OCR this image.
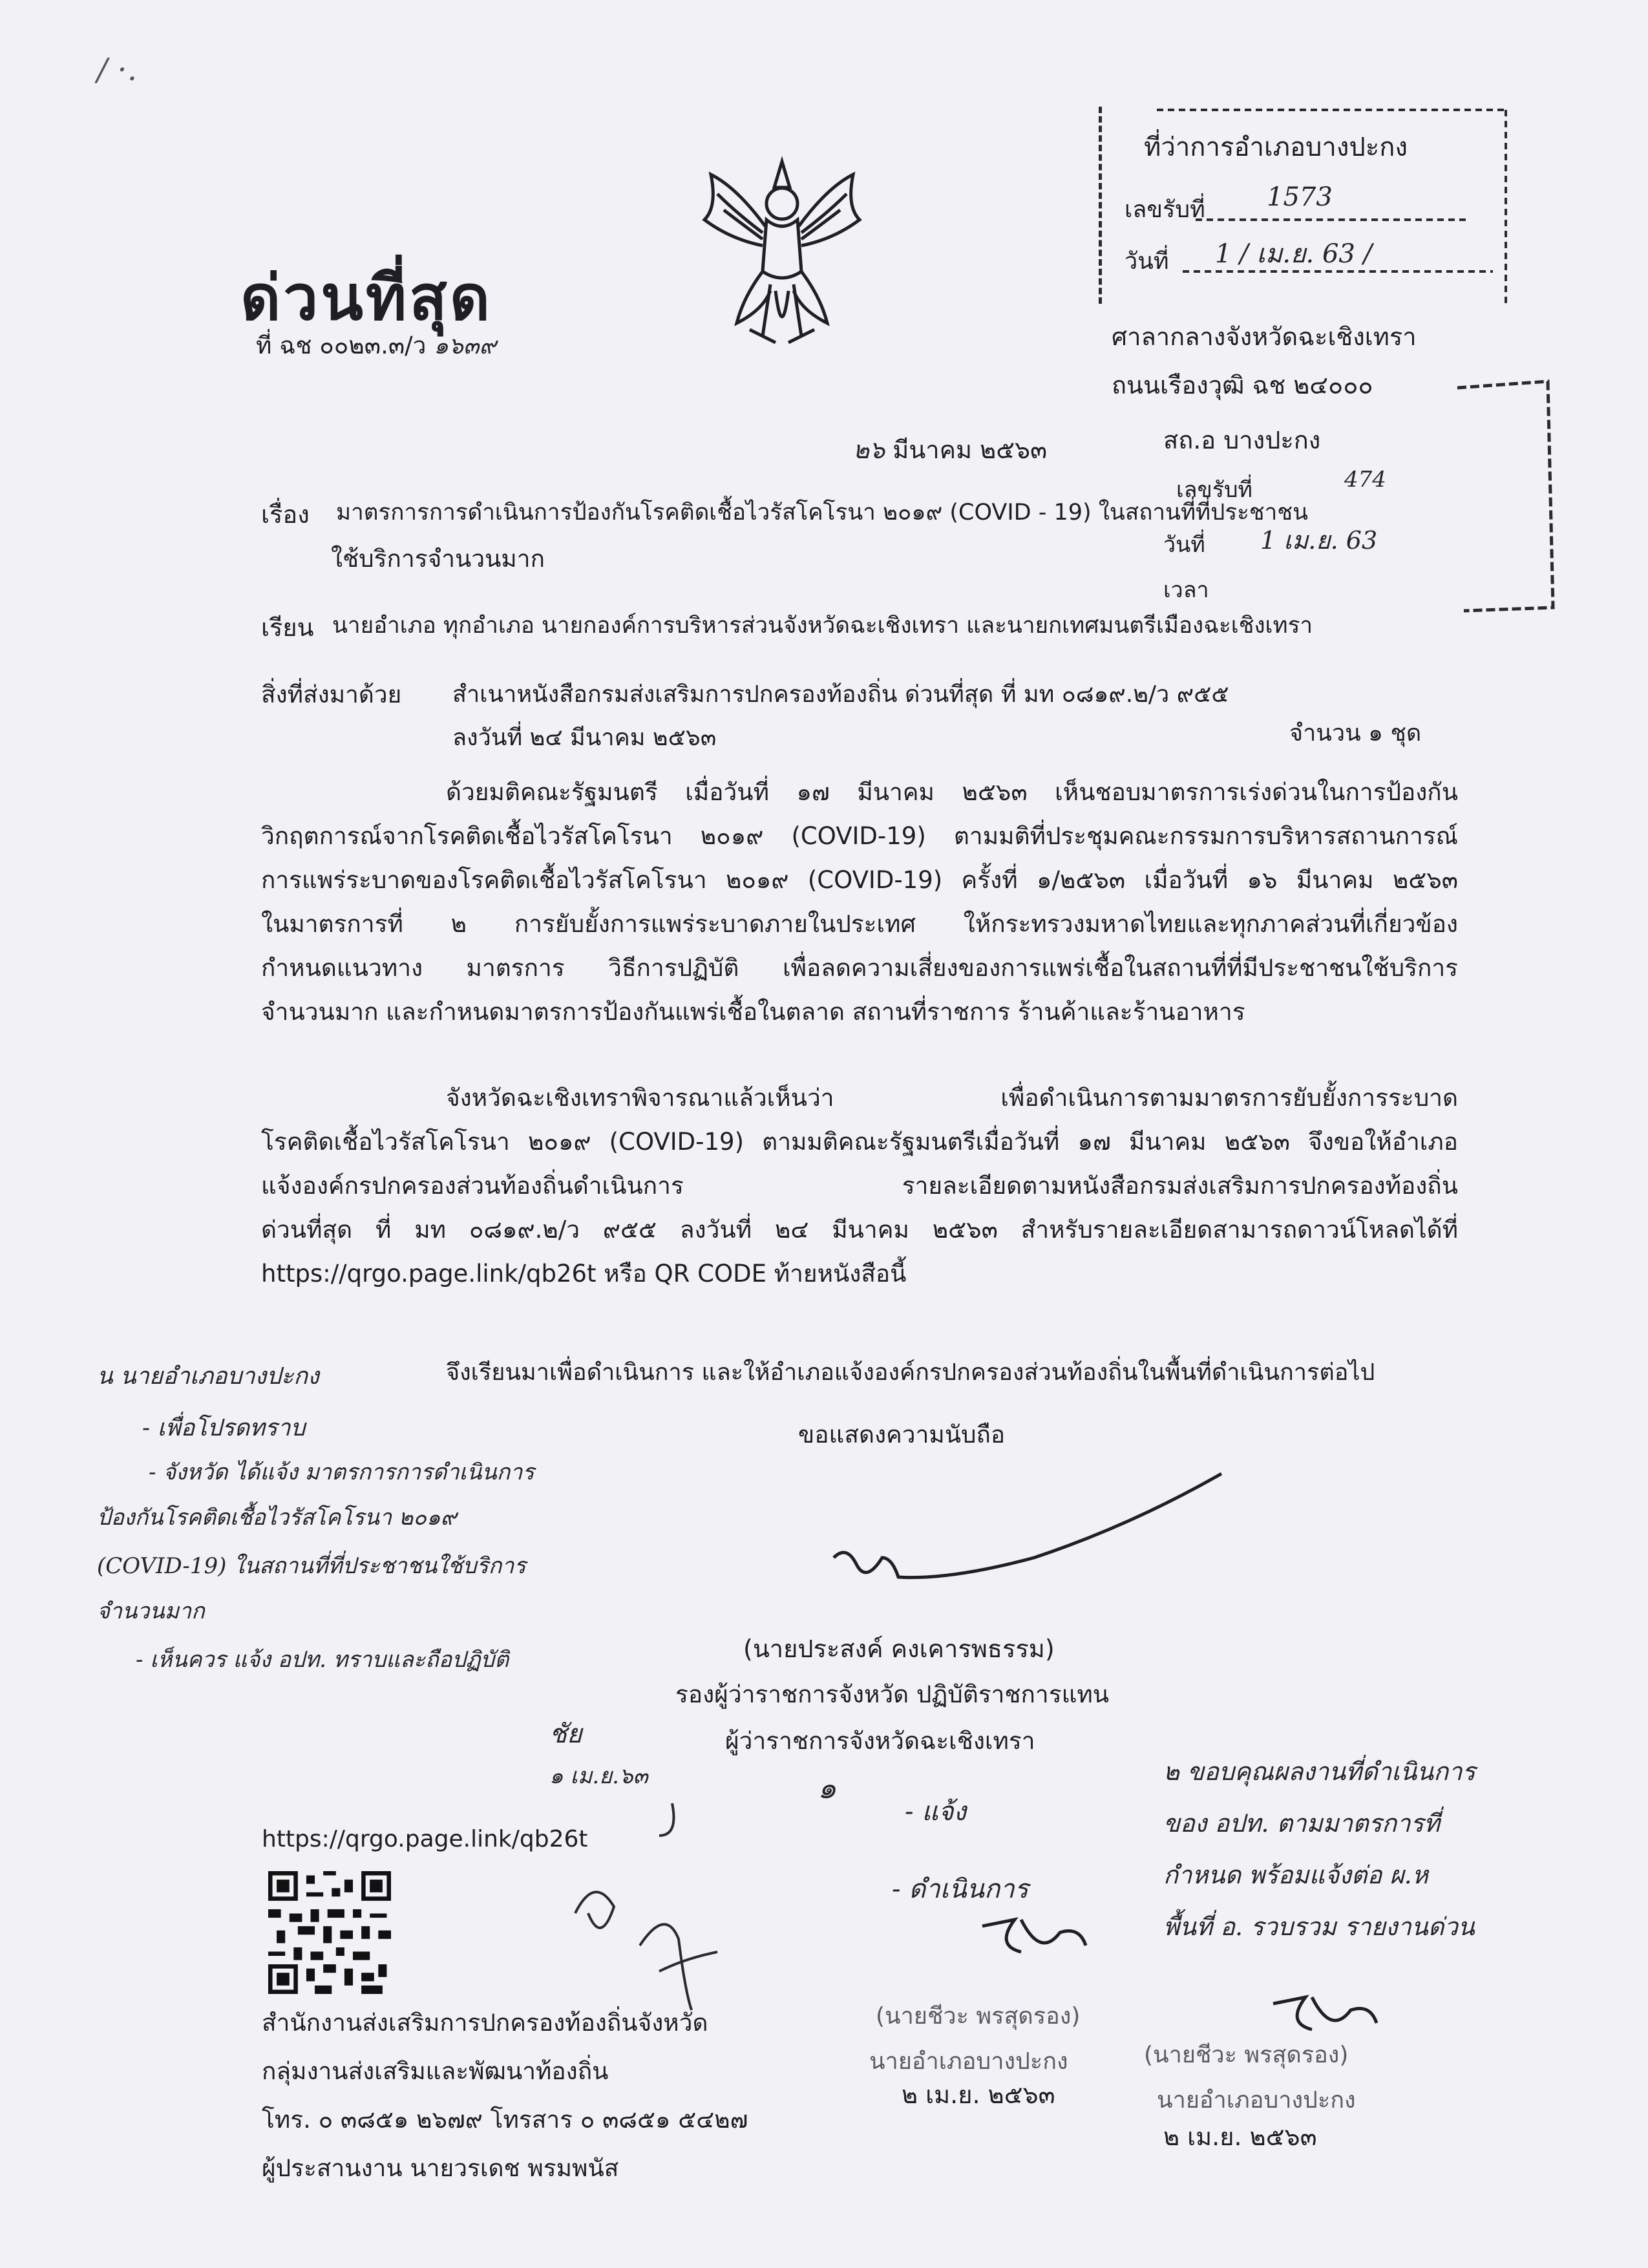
/ ·.
ด่วนที่สุด
ที่ ฉช ๐๐๒๓.๓/ว ๑๖๓๙
ที่ว่าการอำเภอบางปะกง
เลขรับที่ 1573
วันที่ 1 / เม.ย. 63 /
ศาลากลางจังหวัดฉะเชิงเทรา
ถนนเรืองวุฒิ ฉช ๒๔๐๐๐
สถ.อ บางปะกง
เลขรับที่	474
วันที่ 1 เม.ย. 63
เวลา
๒๖ มีนาคม ๒๕๖๓
เรื่อง มาตรการการดำเนินการป้องกันโรคติดเชื้อไวรัสโคโรนา ๒๐๑๙ (COVID - 19) ในสถานที่ที่ประชาชน
ใช้บริการจำนวนมาก
เรียน นายอำเภอ ทุกอำเภอ นายกองค์การบริหารส่วนจังหวัดฉะเชิงเทรา และนายกเทศมนตรีเมืองฉะเชิงเทรา
สิ่งที่ส่งมาด้วย สำเนาหนังสือกรมส่งเสริมการปกครองท้องถิ่น ด่วนที่สุด ที่ มท ๐๘๑๙.๒/ว ๙๕๕
ลงวันที่ ๒๔ มีนาคม ๒๕๖๓	จำนวน ๑ ชุด
ด้วยมติคณะรัฐมนตรี เมื่อวันที่ ๑๗ มีนาคม ๒๕๖๓ เห็นชอบมาตรการเร่งด่วนในการป้องกัน
วิกฤตการณ์จากโรคติดเชื้อไวรัสโคโรนา ๒๐๑๙ (COVID-19) ตามมติที่ประชุมคณะกรรมการบริหารสถานการณ์
การแพร่ระบาดของโรคติดเชื้อไวรัสโคโรนา ๒๐๑๙ (COVID-19) ครั้งที่ ๑/๒๕๖๓ เมื่อวันที่ ๑๖ มีนาคม ๒๕๖๓
ในมาตรการที่ ๒ การยับยั้งการแพร่ระบาดภายในประเทศ ให้กระทรวงมหาดไทยและทุกภาคส่วนที่เกี่ยวข้อง
กำหนดแนวทาง มาตรการ วิธีการปฏิบัติ เพื่อลดความเสี่ยงของการแพร่เชื้อในสถานที่ที่มีประชาชนใช้บริการ
จำนวนมาก และกำหนดมาตรการป้องกันแพร่เชื้อในตลาด สถานที่ราชการ ร้านค้าและร้านอาหาร
จังหวัดฉะเชิงเทราพิจารณาแล้วเห็นว่า เพื่อดำเนินการตามมาตรการยับยั้งการระบาด
โรคติดเชื้อไวรัสโคโรนา ๒๐๑๙ (COVID-19) ตามมติคณะรัฐมนตรีเมื่อวันที่ ๑๗ มีนาคม ๒๕๖๓ จึงขอให้อำเภอ
แจ้งองค์กรปกครองส่วนท้องถิ่นดำเนินการ รายละเอียดตามหนังสือกรมส่งเสริมการปกครองท้องถิ่น
ด่วนที่สุด ที่ มท ๐๘๑๙.๒/ว ๙๕๕ ลงวันที่ ๒๔ มีนาคม ๒๕๖๓ สำหรับรายละเอียดสามารถดาวน์โหลดได้ที่
https://qrgo.page.link/qb26t หรือ QR CODE ท้ายหนังสือนี้
จึงเรียนมาเพื่อดำเนินการ และให้อำเภอแจ้งองค์กรปกครองส่วนท้องถิ่นในพื้นที่ดำเนินการต่อไป
ขอแสดงความนับถือ
(นายประสงค์ คงเคารพธรรม)
รองผู้ว่าราชการจังหวัด ปฏิบัติราชการแทน
ผู้ว่าราชการจังหวัดฉะเชิงเทรา
น นายอำเภอบางปะกง
- เพื่อโปรดทราบ
- จังหวัด ได้แจ้ง มาตรการการดำเนินการ
ป้องกันโรคติดเชื้อไวรัสโคโรนา ๒๐๑๙
(COVID-19) ในสถานที่ที่ประชาชนใช้บริการ
จำนวนมาก
- เห็นควร แจ้ง อปท. ทราบและถือปฏิบัติ
ชัย
๑ เม.ย.๖๓
https://qrgo.page.link/qb26t
สำนักงานส่งเสริมการปกครองท้องถิ่นจังหวัด
กลุ่มงานส่งเสริมและพัฒนาท้องถิ่น
โทร. ๐ ๓๘๕๑ ๒๖๗๙ โทรสาร ๐ ๓๘๕๑ ๕๔๒๗
ผู้ประสานงาน นายวรเดช พรมพนัส
๑
- แจ้ง
- ดำเนินการ
(นายชีวะ พรสุดรอง)
นายอำเภอบางปะกง
๒ เม.ย. ๒๕๖๓
๒ ขอบคุณผลงานที่ดำเนินการ
ของ อปท. ตามมาตรการที่
กำหนด พร้อมแจ้งต่อ ผ.ห
พื้นที่ อ. รวบรวม รายงานด่วน
(นายชีวะ พรสุดรอง)
นายอำเภอบางปะกง
๒ เม.ย. ๒๕๖๓
